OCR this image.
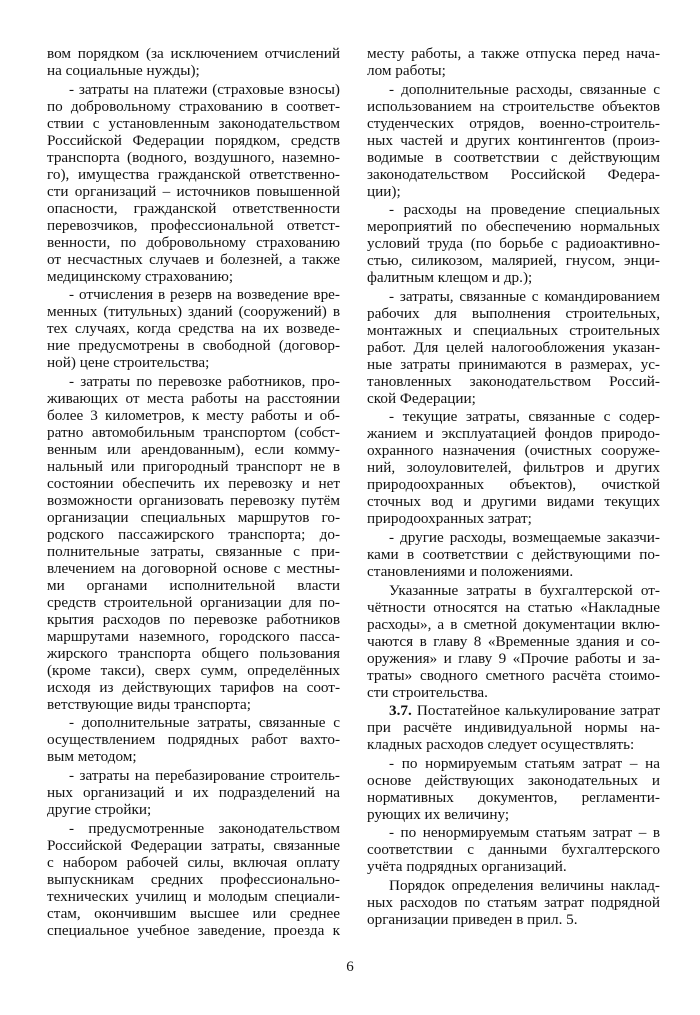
вом порядком (за исключением отчислений
на социальные нужды);
- затраты на платежи (страховые взносы)
по добровольному страхованию в соответ-
ствии с установленным законодательством
Российской Федерации порядком, средств
транспорта (водного, воздушного, наземно-
го), имущества гражданской ответственно-
сти организаций – источников повышенной
опасности, гражданской ответственности
перевозчиков, профессиональной ответст-
венности, по добровольному страхованию
от несчастных случаев и болезней, а также
медицинскому страхованию;
- отчисления в резерв на возведение вре-
менных (титульных) зданий (сооружений) в
тех случаях, когда средства на их возведе-
ние предусмотрены в свободной (договор-
ной) цене строительства;
- затраты по перевозке работников, про-
живающих от места работы на расстоянии
более 3 километров, к месту работы и об-
ратно автомобильным транспортом (собст-
венным или арендованным), если комму-
нальный или пригородный транспорт не в
состоянии обеспечить их перевозку и нет
возможности организовать перевозку путём
организации специальных маршрутов го-
родского пассажирского транспорта; до-
полнительные затраты, связанные с при-
влечением на договорной основе с местны-
ми органами исполнительной власти
средств строительной организации для по-
крытия расходов по перевозке работников
маршрутами наземного, городского пасса-
жирского транспорта общего пользования
(кроме такси), сверх сумм, определённых
исходя из действующих тарифов на соот-
ветствующие виды транспорта;
- дополнительные затраты, связанные с
осуществлением подрядных работ вахто-
вым методом;
- затраты на перебазирование строитель-
ных организаций и их подразделений на
другие стройки;
- предусмотренные законодательством
Российской Федерации затраты, связанные
с набором рабочей силы, включая оплату
выпускникам средних профессионально-
технических училищ и молодым специали-
стам, окончившим высшее или среднее
специальное учебное заведение, проезда к
месту работы, а также отпуска перед нача-
лом работы;
- дополнительные расходы, связанные с
использованием на строительстве объектов
студенческих отрядов, военно-строитель-
ных частей и других контингентов (произ-
водимые в соответствии с действующим
законодательством Российской Федера-
ции);
- расходы на проведение специальных
мероприятий по обеспечению нормальных
условий труда (по борьбе с радиоактивно-
стью, силикозом, малярией, гнусом, энци-
фалитным клещом и др.);
- затраты, связанные с командированием
рабочих для выполнения строительных,
монтажных и специальных строительных
работ. Для целей налогообложения указан-
ные затраты принимаются в размерах, ус-
тановленных законодательством Россий-
ской Федерации;
- текущие затраты, связанные с содер-
жанием и эксплуатацией фондов природо-
охранного назначения (очистных сооруже-
ний, золоуловителей, фильтров и других
природоохранных объектов), очисткой
сточных вод и другими видами текущих
природоохранных затрат;
- другие расходы, возмещаемые заказчи-
ками в соответствии с действующими по-
становлениями и положениями.
Указанные затраты в бухгалтерской от-
чётности относятся на статью «Накладные
расходы», а в сметной документации вклю-
чаются в главу 8 «Временные здания и со-
оружения» и главу 9 «Прочие работы и за-
траты» сводного сметного расчёта стоимо-
сти строительства.
3.7. Постатейное калькулирование затрат
при расчёте индивидуальной нормы на-
кладных расходов следует осуществлять:
- по нормируемым статьям затрат – на
основе действующих законодательных и
нормативных документов, регламенти-
рующих их величину;
- по ненормируемым статьям затрат – в
соответствии с данными бухгалтерского
учёта подрядных организаций.
Порядок определения величины наклад-
ных расходов по статьям затрат подрядной
организации приведен в прил. 5.
6
